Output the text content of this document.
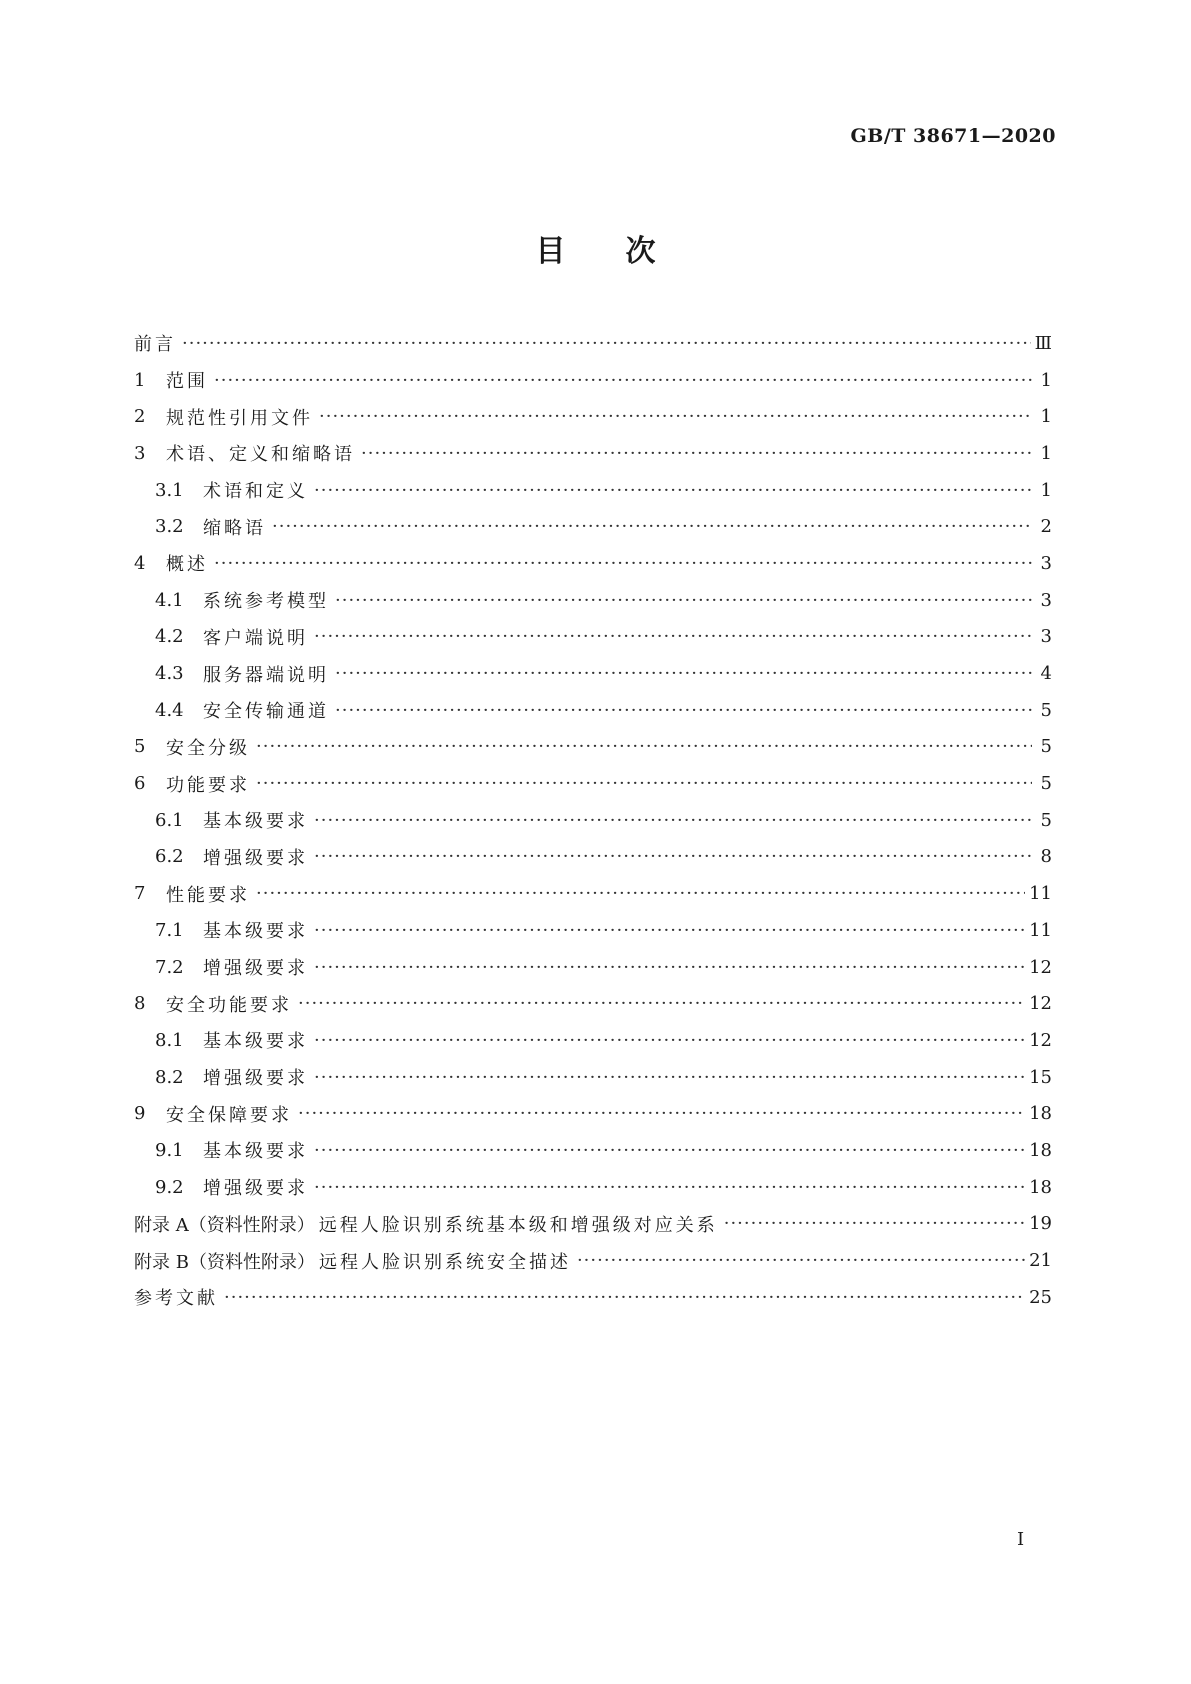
GB/T 38671—2020
目次
前言 ·····	Ⅲ
1	范围 ·····	1
2	规范性引用文件 ·····	1
3	术语、定义和缩略语 ·····	1
3.1	术语和定义 ·····	1
3.2	缩略语 ·····	2
4	概述 ·····	3
4.1	系统参考模型 ·····	3
4.2	客户端说明 ·····	3
4.3	服务器端说明 ·····	4
4.4	安全传输通道 ·····	5
5	安全分级 ·····	5
6	功能要求 ·····	5
6.1	基本级要求 ·····	5
6.2	增强级要求 ·····	8
7	性能要求 ·····	11
7.1	基本级要求 ·····	11
7.2	增强级要求 ·····	12
8	安全功能要求 ·····	12
8.1	基本级要求 ·····	12
8.2	增强级要求 ·····	15
9	安全保障要求 ·····	18
9.1	基本级要求 ·····	18
9.2	增强级要求 ·····	18
附录 A（资料性附录） 远程人脸识别系统基本级和增强级对应关系 ·····	19
附录 B（资料性附录） 远程人脸识别系统安全描述 ·····	21
参考文献 ·····	25
I
